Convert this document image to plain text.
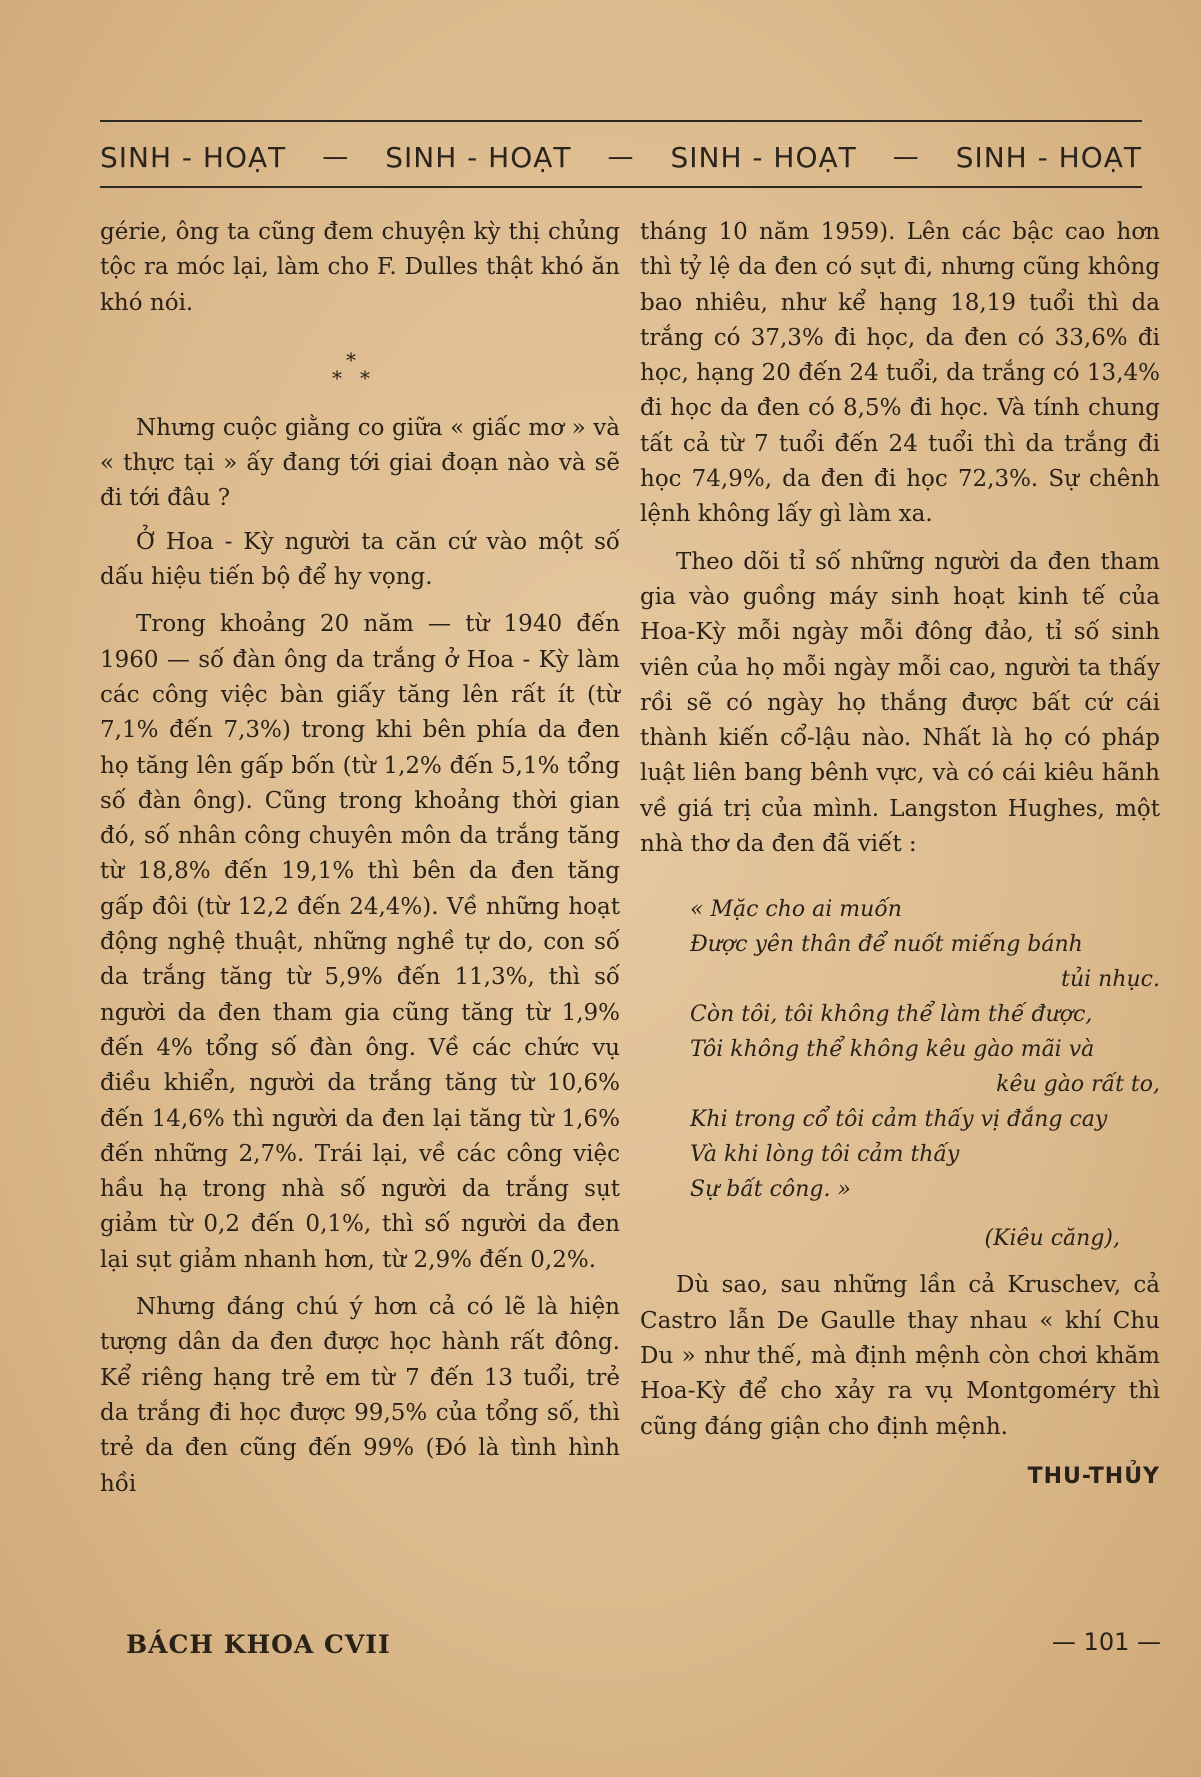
SINH - HOẠT — SINH - HOẠT — SINH - HOẠT — SINH - HOẠT

gérie, ông ta cũng đem chuyện kỳ thị chủng tộc ra móc lại, làm cho F. Dulles thật khó ăn khó nói.

*
* *

Nhưng cuộc giằng co giữa « giấc mơ » và « thực tại » ấy đang tới giai đoạn nào và sẽ đi tới đâu ?

Ở Hoa - Kỳ người ta căn cứ vào một số dấu hiệu tiến bộ để hy vọng.

Trong khoảng 20 năm — từ 1940 đến 1960 — số đàn ông da trắng ở Hoa - Kỳ làm các công việc bàn giấy tăng lên rất ít (từ 7,1% đến 7,3%) trong khi bên phía da đen họ tăng lên gấp bốn (từ 1,2% đến 5,1% tổng số đàn ông). Cũng trong khoảng thời gian đó, số nhân công chuyên môn da trắng tăng từ 18,8% đến 19,1% thì bên da đen tăng gấp đôi (từ 12,2 đến 24,4%). Về những hoạt động nghệ thuật, những nghề tự do, con số da trắng tăng từ 5,9% đến 11,3%, thì số người da đen tham gia cũng tăng từ 1,9% đến 4% tổng số đàn ông. Về các chức vụ điều khiển, người da trắng tăng từ 10,6% đến 14,6% thì người da đen lại tăng từ 1,6% đến những 2,7%. Trái lại, về các công việc hầu hạ trong nhà số người da trắng sụt giảm từ 0,2 đến 0,1%, thì số người da đen lại sụt giảm nhanh hơn, từ 2,9% đến 0,2%.

Nhưng đáng chú ý hơn cả có lẽ là hiện tượng dân da đen được học hành rất đông. Kể riêng hạng trẻ em từ 7 đến 13 tuổi, trẻ da trắng đi học được 99,5% của tổng số, thì trẻ da đen cũng đến 99% (Đó là tình hình hồi

tháng 10 năm 1959). Lên các bậc cao hơn thì tỷ lệ da đen có sụt đi, nhưng cũng không bao nhiêu, như kể hạng 18,19 tuổi thì da trắng có 37,3% đi học, da đen có 33,6% đi học, hạng 20 đến 24 tuổi, da trắng có 13,4% đi học da đen có 8,5% đi học. Và tính chung tất cả từ 7 tuổi đến 24 tuổi thì da trắng đi học 74,9%, da đen đi học 72,3%. Sự chênh lệnh không lấy gì làm xa.

Theo dõi tỉ số những người da đen tham gia vào guồng máy sinh hoạt kinh tế của Hoa-Kỳ mỗi ngày mỗi đông đảo, tỉ số sinh viên của họ mỗi ngày mỗi cao, người ta thấy rồi sẽ có ngày họ thắng được bất cứ cái thành kiến cổ-lậu nào. Nhất là họ có pháp luật liên bang bênh vực, và có cái kiêu hãnh về giá trị của mình. Langston Hughes, một nhà thơ da đen đã viết :

« Mặc cho ai muốn
Được yên thân để nuốt miếng bánh
tủi nhục.
Còn tôi, tôi không thể làm thế được,
Tôi không thể không kêu gào mãi và
kêu gào rất to,
Khi trong cổ tôi cảm thấy vị đắng cay
Và khi lòng tôi cảm thấy
Sự bất công. »
(Kiêu căng),

Dù sao, sau những lần cả Kruschev, cả Castro lẫn De Gaulle thay nhau « khí Chu Du » như thế, mà định mệnh còn chơi khăm Hoa-Kỳ để cho xảy ra vụ Montgoméry thì cũng đáng giận cho định mệnh.

THU-THỦY
BÁCH KHOA CVII	— 101 —
